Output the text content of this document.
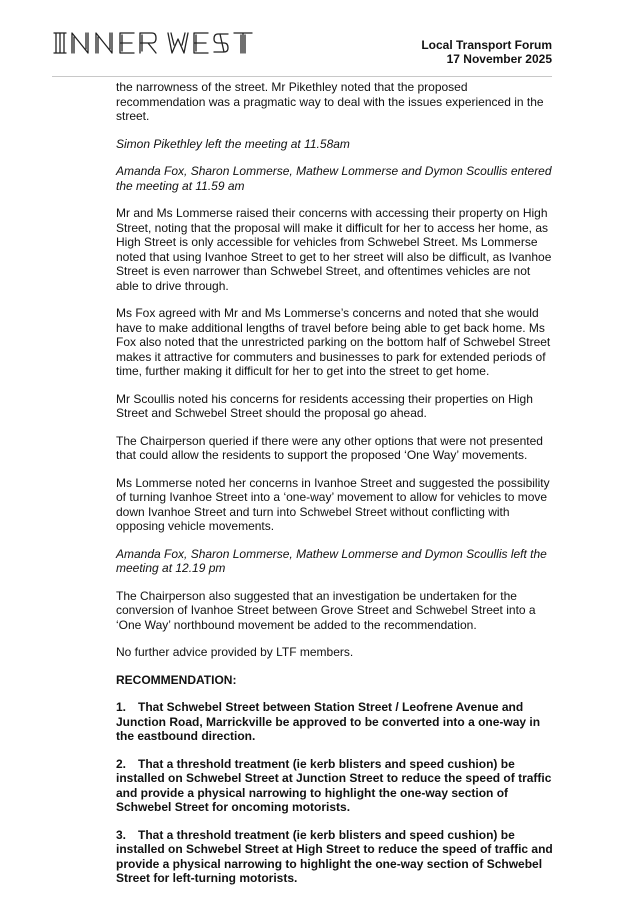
Local Transport Forum
17 November 2025

the narrowness of the street. Mr Pikethley noted that the proposed recommendation was a pragmatic way to deal with the issues experienced in the street.

Simon Pikethley left the meeting at 11.58am

Amanda Fox, Sharon Lommerse, Mathew Lommerse and Dymon Scoullis entered the meeting at 11.59 am

Mr and Ms Lommerse raised their concerns with accessing their property on High Street, noting that the proposal will make it difficult for her to access her home, as High Street is only accessible for vehicles from Schwebel Street. Ms Lommerse noted that using Ivanhoe Street to get to her street will also be difficult, as Ivanhoe Street is even narrower than Schwebel Street, and oftentimes vehicles are not able to drive through.

Ms Fox agreed with Mr and Ms Lommerse’s concerns and noted that she would have to make additional lengths of travel before being able to get back home. Ms Fox also noted that the unrestricted parking on the bottom half of Schwebel Street makes it attractive for commuters and businesses to park for extended periods of time, further making it difficult for her to get into the street to get home.

Mr Scoullis noted his concerns for residents accessing their properties on High Street and Schwebel Street should the proposal go ahead.

The Chairperson queried if there were any other options that were not presented that could allow the residents to support the proposed ‘One Way’ movements.

Ms Lommerse noted her concerns in Ivanhoe Street and suggested the possibility of turning Ivanhoe Street into a ‘one-way’ movement to allow for vehicles to move down Ivanhoe Street and turn into Schwebel Street without conflicting with opposing vehicle movements.

Amanda Fox, Sharon Lommerse, Mathew Lommerse and Dymon Scoullis left the meeting at 12.19 pm

The Chairperson also suggested that an investigation be undertaken for the conversion of Ivanhoe Street between Grove Street and Schwebel Street into a ‘One Way’ northbound movement be added to the recommendation.

No further advice provided by LTF members.

RECOMMENDATION:

1. That Schwebel Street between Station Street / Leofrene Avenue and Junction Road, Marrickville be approved to be converted into a one-way in the eastbound direction.

2. That a threshold treatment (ie kerb blisters and speed cushion) be installed on Schwebel Street at Junction Street to reduce the speed of traffic and provide a physical narrowing to highlight the one-way section of Schwebel Street for oncoming motorists.

3. That a threshold treatment (ie kerb blisters and speed cushion) be installed on Schwebel Street at High Street to reduce the speed of traffic and provide a physical narrowing to highlight the one-way section of Schwebel Street for left-turning motorists.
